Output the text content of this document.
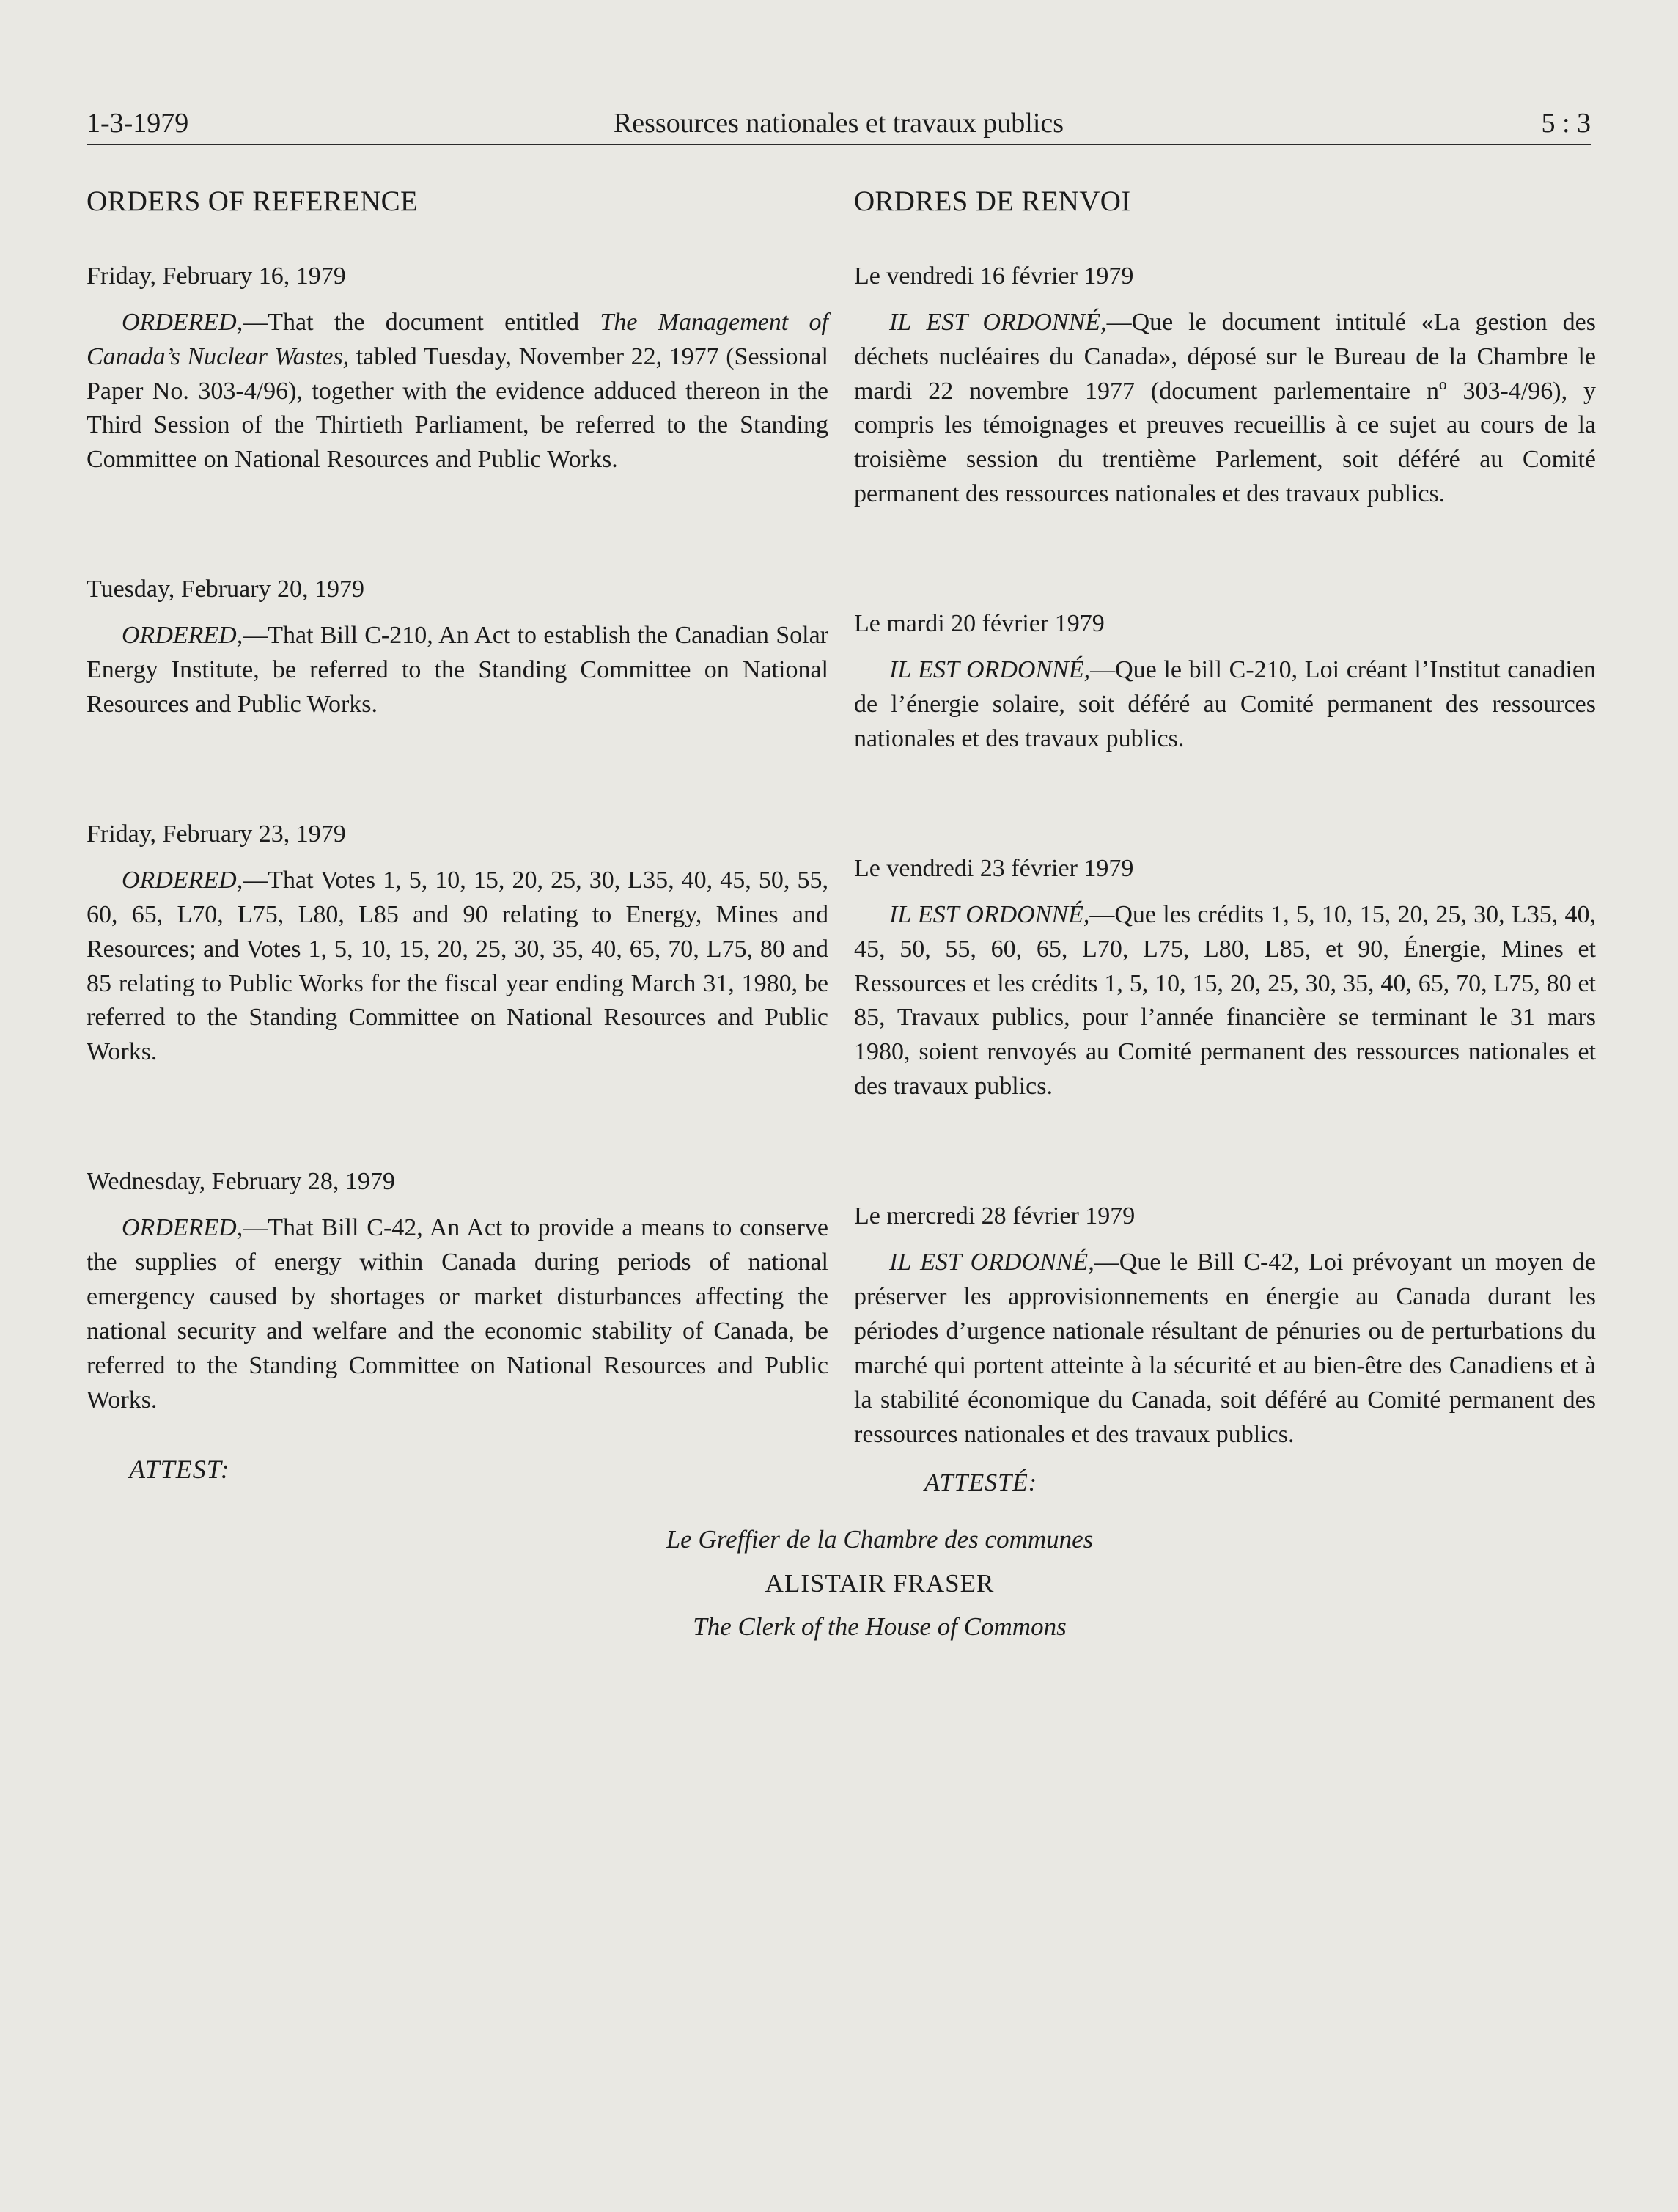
1-3-1979	Ressources nationales et travaux publics	5 : 3
ORDERS OF REFERENCE

Friday, February 16, 1979

ORDERED,—That the document entitled The Management of Canada’s Nuclear Wastes, tabled Tuesday, November 22, 1977 (Sessional Paper No. 303-4/96), together with the evidence adduced thereon in the Third Session of the Thirtieth Parliament, be referred to the Standing Committee on National Resources and Public Works.

Tuesday, February 20, 1979

ORDERED,—That Bill C-210, An Act to establish the Canadian Solar Energy Institute, be referred to the Standing Committee on National Resources and Public Works.

Friday, February 23, 1979

ORDERED,—That Votes 1, 5, 10, 15, 20, 25, 30, L35, 40, 45, 50, 55, 60, 65, L70, L75, L80, L85 and 90 relating to Energy, Mines and Resources; and Votes 1, 5, 10, 15, 20, 25, 30, 35, 40, 65, 70, L75, 80 and 85 relating to Public Works for the fiscal year ending March 31, 1980, be referred to the Standing Committee on National Resources and Public Works.

Wednesday, February 28, 1979

ORDERED,—That Bill C-42, An Act to provide a means to conserve the supplies of energy within Canada during periods of national emergency caused by shortages or market disturbances affecting the national security and welfare and the economic stability of Canada, be referred to the Standing Committee on National Resources and Public Works.

ATTEST:
ORDRES DE RENVOI

Le vendredi 16 février 1979

IL EST ORDONNÉ,—Que le document intitulé «La gestion des déchets nucléaires du Canada», déposé sur le Bureau de la Chambre le mardi 22 novembre 1977 (document parlementaire nº 303-4/96), y compris les témoignages et preuves recueillis à ce sujet au cours de la troisième session du trentième Parlement, soit déféré au Comité permanent des ressources nationales et des travaux publics.

Le mardi 20 février 1979

IL EST ORDONNÉ,—Que le bill C-210, Loi créant l’Institut canadien de l’énergie solaire, soit déféré au Comité permanent des ressources nationales et des travaux publics.

Le vendredi 23 février 1979

IL EST ORDONNÉ,—Que les crédits 1, 5, 10, 15, 20, 25, 30, L35, 40, 45, 50, 55, 60, 65, L70, L75, L80, L85, et 90, Énergie, Mines et Ressources et les crédits 1, 5, 10, 15, 20, 25, 30, 35, 40, 65, 70, L75, 80 et 85, Travaux publics, pour l’année financière se terminant le 31 mars 1980, soient renvoyés au Comité permanent des ressources nationales et des travaux publics.

Le mercredi 28 février 1979

IL EST ORDONNÉ,—Que le Bill C-42, Loi prévoyant un moyen de préserver les approvisionnements en énergie au Canada durant les périodes d’urgence nationale résultant de pénuries ou de perturbations du marché qui portent atteinte à la sécurité et au bien-être des Canadiens et à la stabilité économique du Canada, soit déféré au Comité permanent des ressources nationales et des travaux publics.

ATTESTÉ:

Le Greffier de la Chambre des communes
ALISTAIR FRASER
The Clerk of the House of Commons
